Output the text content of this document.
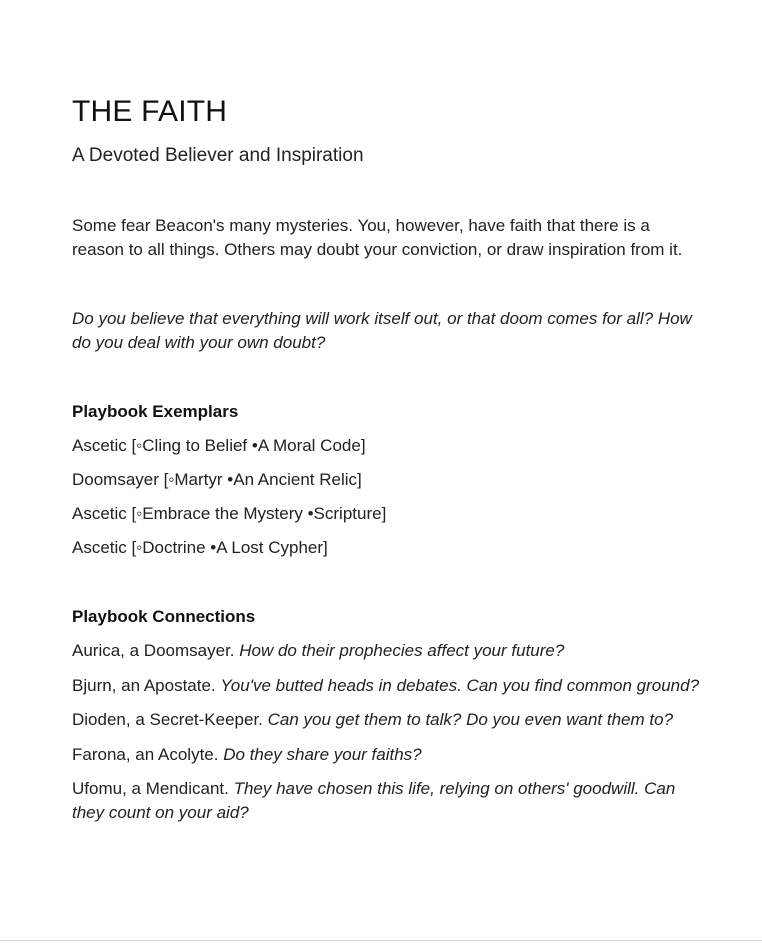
THE FAITH

A Devoted Believer and Inspiration

Some fear Beacon's many mysteries. You, however, have faith that there is a reason to all things. Others may doubt your conviction, or draw inspiration from it.

Do you believe that everything will work itself out, or that doom comes for all? How do you deal with your own doubt?

Playbook Exemplars
Ascetic [◦Cling to Belief •A Moral Code]
Doomsayer [◦Martyr •An Ancient Relic]
Ascetic [◦Embrace the Mystery •Scripture]
Ascetic [◦Doctrine •A Lost Cypher]
Playbook Connections
Aurica, a Doomsayer. How do their prophecies affect your future?
Bjurn, an Apostate. You've butted heads in debates. Can you find common ground?
Dioden, a Secret-Keeper. Can you get them to talk? Do you even want them to?
Farona, an Acolyte. Do they share your faiths?
Ufomu, a Mendicant. They have chosen this life, relying on others' goodwill. Can they count on your aid?
